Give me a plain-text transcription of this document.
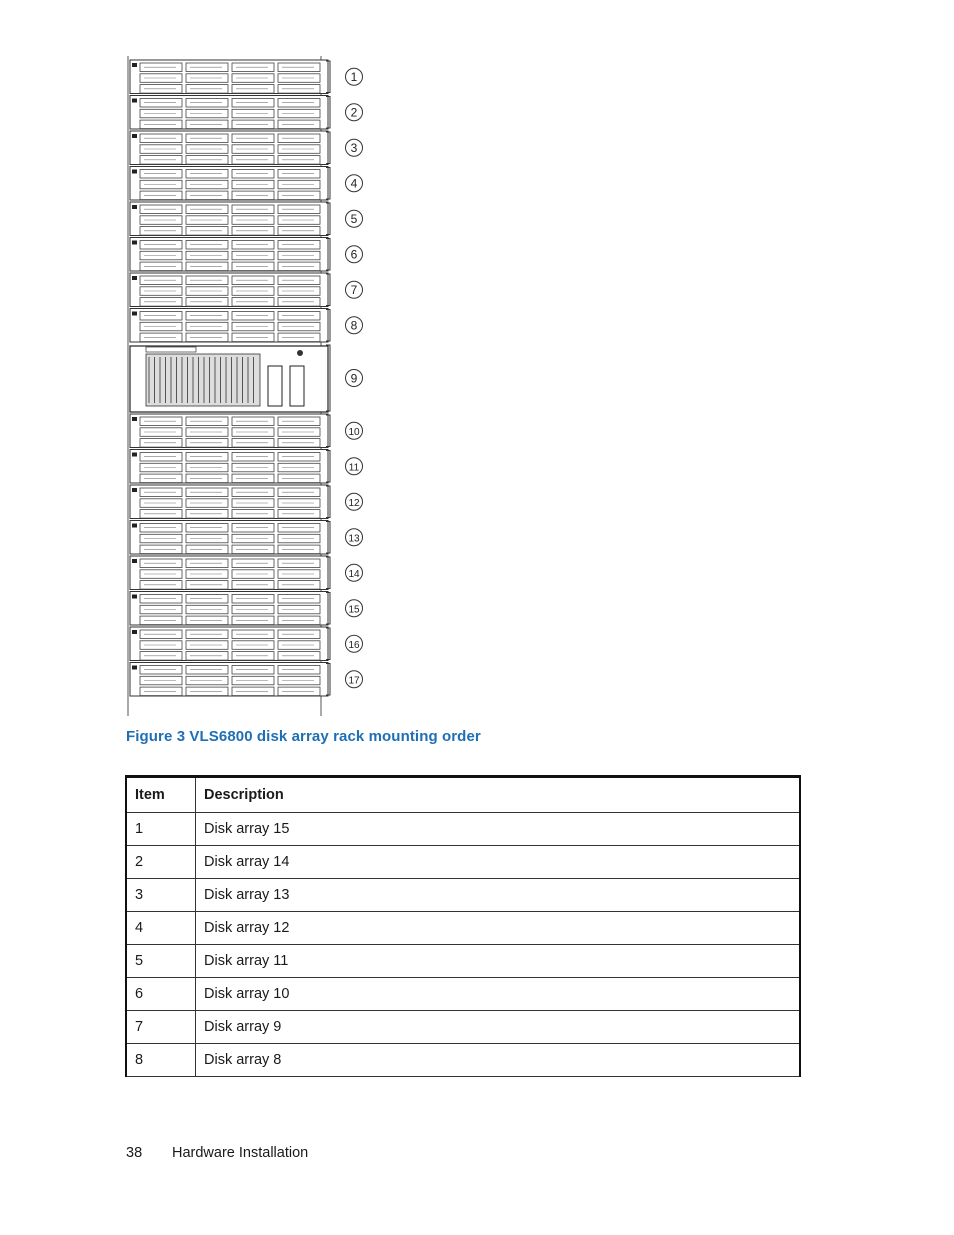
1
2
3
4
5
6
7
8
9
10
11
12
13
14
15
16
17
Figure 3 VLS6800 disk array rack mounting order
Item	Description
1	Disk array 15
2	Disk array 14
3	Disk array 13
4	Disk array 12
5	Disk array 11
6	Disk array 10
7	Disk array 9
8	Disk array 8
38 Hardware Installation
